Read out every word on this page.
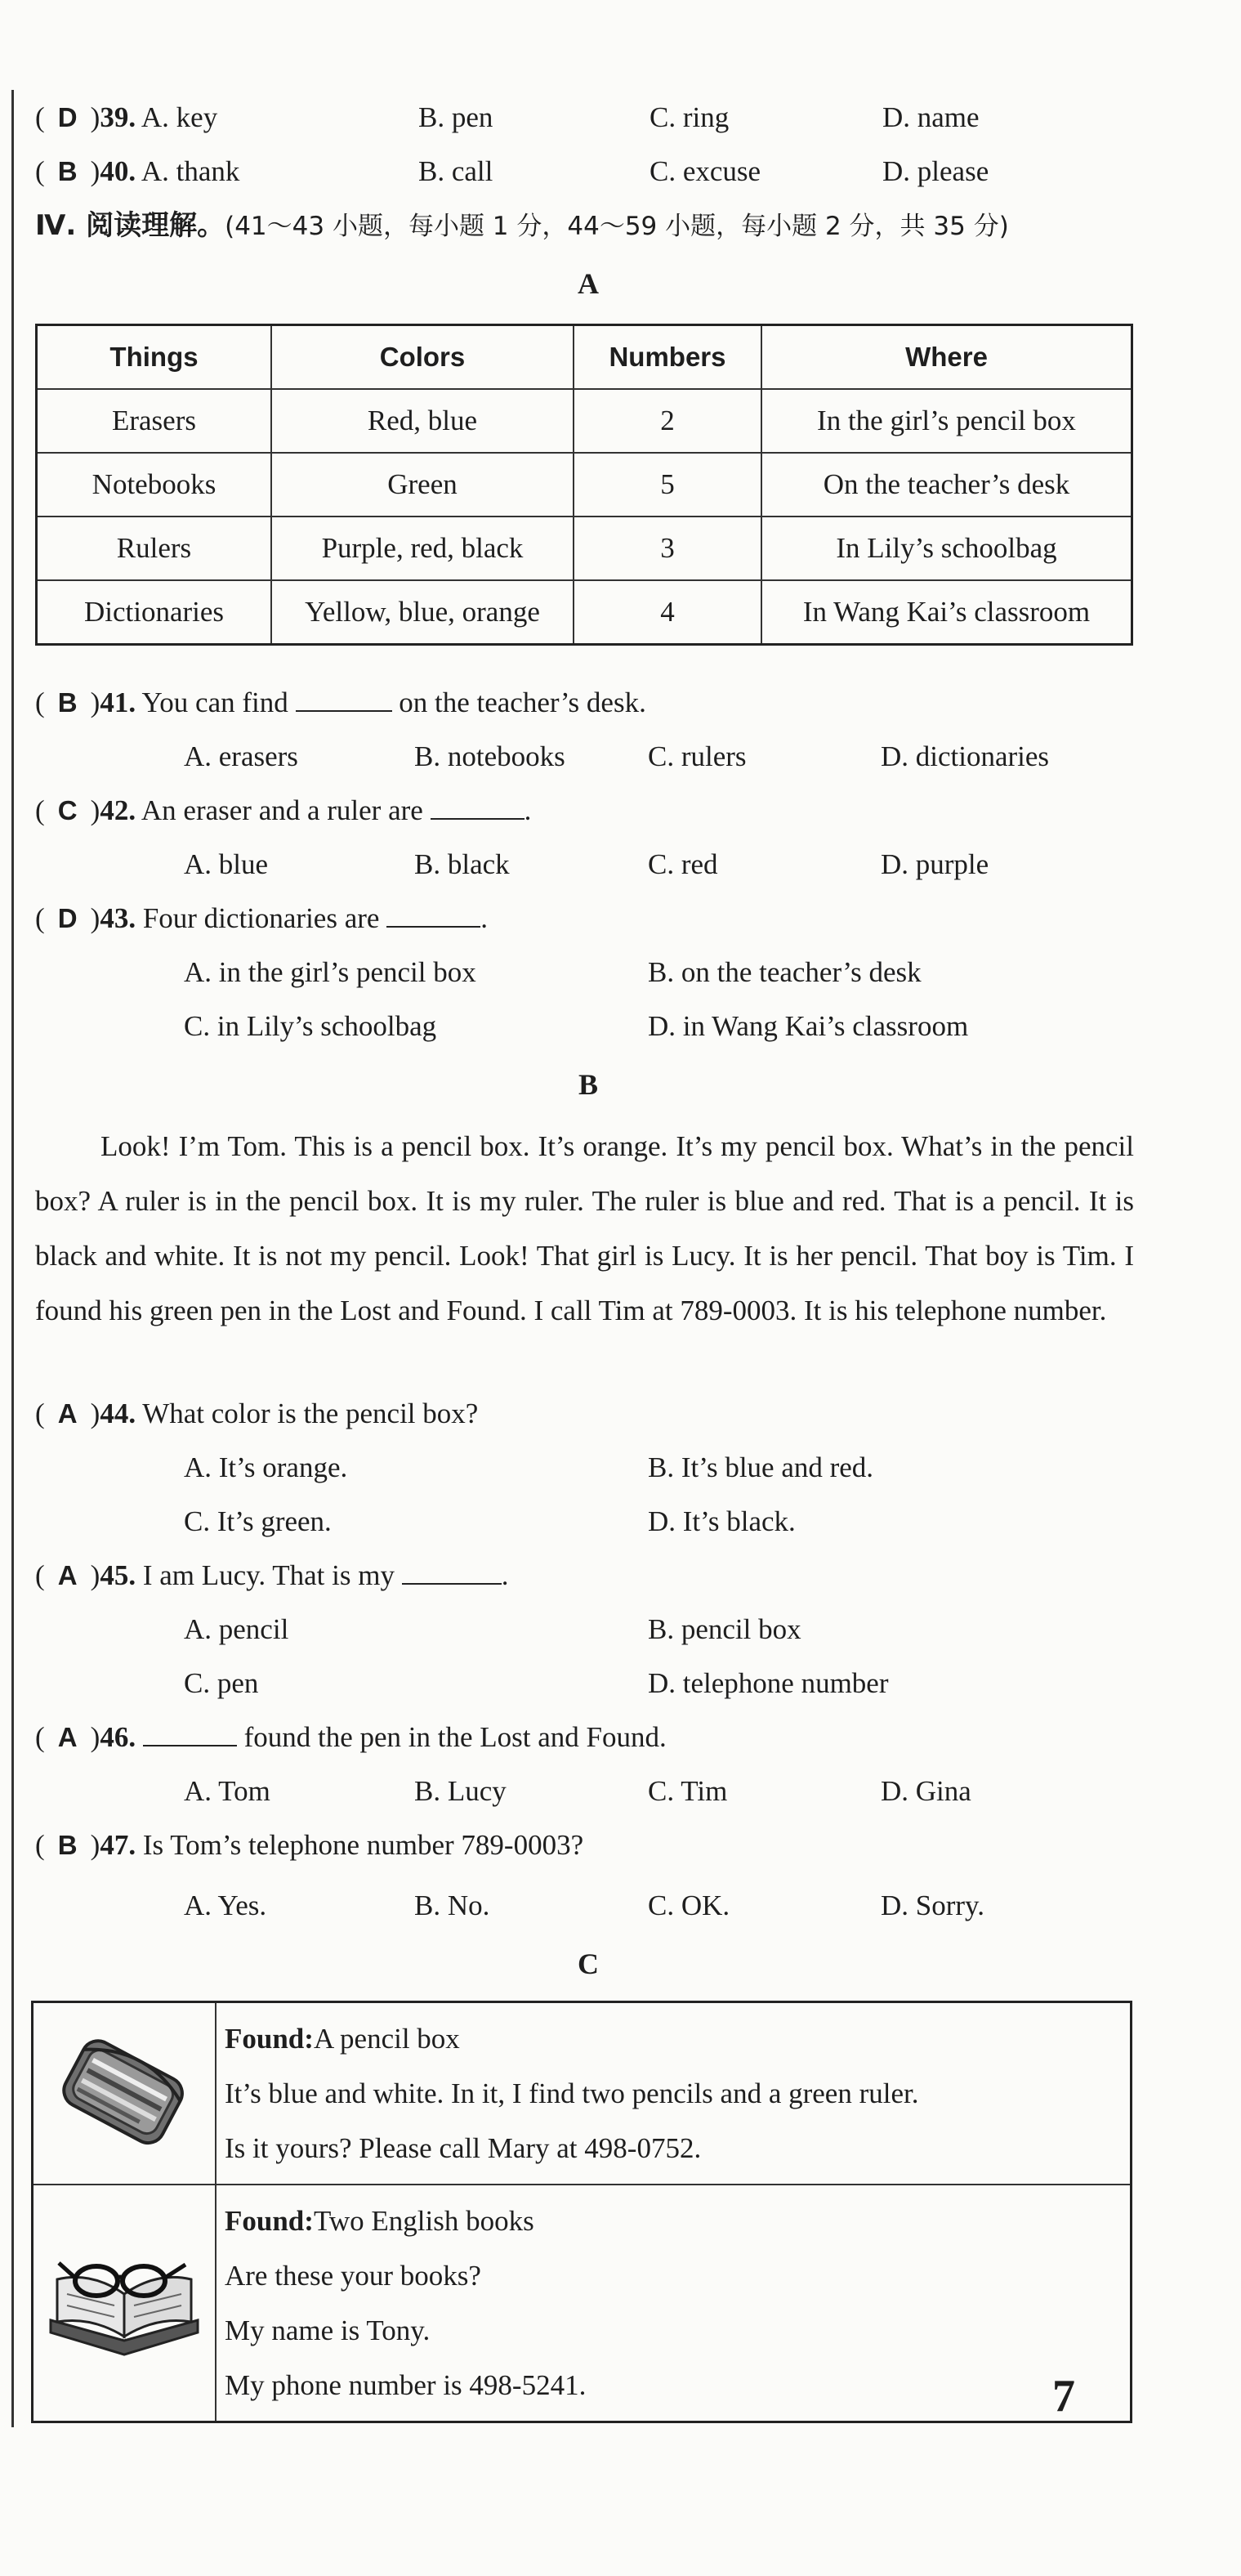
( D )39. A. key	B. pen	C. ring	D. name
( B )40. A. thank	B. call	C. excuse	D. please
Ⅳ. 阅读理解。(41～43 小题，每小题 1 分，44～59 小题，每小题 2 分，共 35 分)
A
Things	Colors	Numbers	Where
Erasers	Red, blue	2	In the girl’s pencil box
Notebooks	Green	5	On the teacher’s desk
Rulers	Purple, red, black	3	In Lily’s schoolbag
Dictionaries	Yellow, blue, orange	4	In Wang Kai’s classroom
( B )41. You can find	on the teacher’s desk.
A. erasers	B. notebooks	C. rulers	D. dictionaries
( C )42. An eraser and a ruler are	.
A. blue	B. black	C. red	D. purple
( D )43. Four dictionaries are	.
A. in the girl’s pencil box	B. on the teacher’s desk
C. in Lily’s schoolbag	D. in Wang Kai’s classroom
B
Look! I’m Tom. This is a pencil box. It’s orange. It’s my pencil box. What’s in the pencil box? A ruler is in the pencil box. It is my ruler. The ruler is blue and red. That is a pencil. It is black and white. It is not my pencil. Look! That girl is Lucy. It is her pencil. That boy is Tim. I found his green pen in the Lost and Found. I call Tim at 789-0003. It is his telephone number.
( A )44. What color is the pencil box?
A. It’s orange.	B. It’s blue and red.
C. It’s green.	D. It’s black.
( A )45. I am Lucy. That is my	.
A. pencil	B. pencil box
C. pen	D. telephone number
( A )46.	found the pen in the Lost and Found.
A. Tom	B. Lucy	C. Tim	D. Gina
( B )47. Is Tom’s telephone number 789-0003?
A. Yes.	B. No.	C. OK.	D. Sorry.
C

Found:A pencil box
It’s blue and white. In it, I find two pencils and a green ruler.
Is it yours? Please call Mary at 498-0752.

Found:Two English books
Are these your books?
My name is Tony.
My phone number is 498-5241.	7
